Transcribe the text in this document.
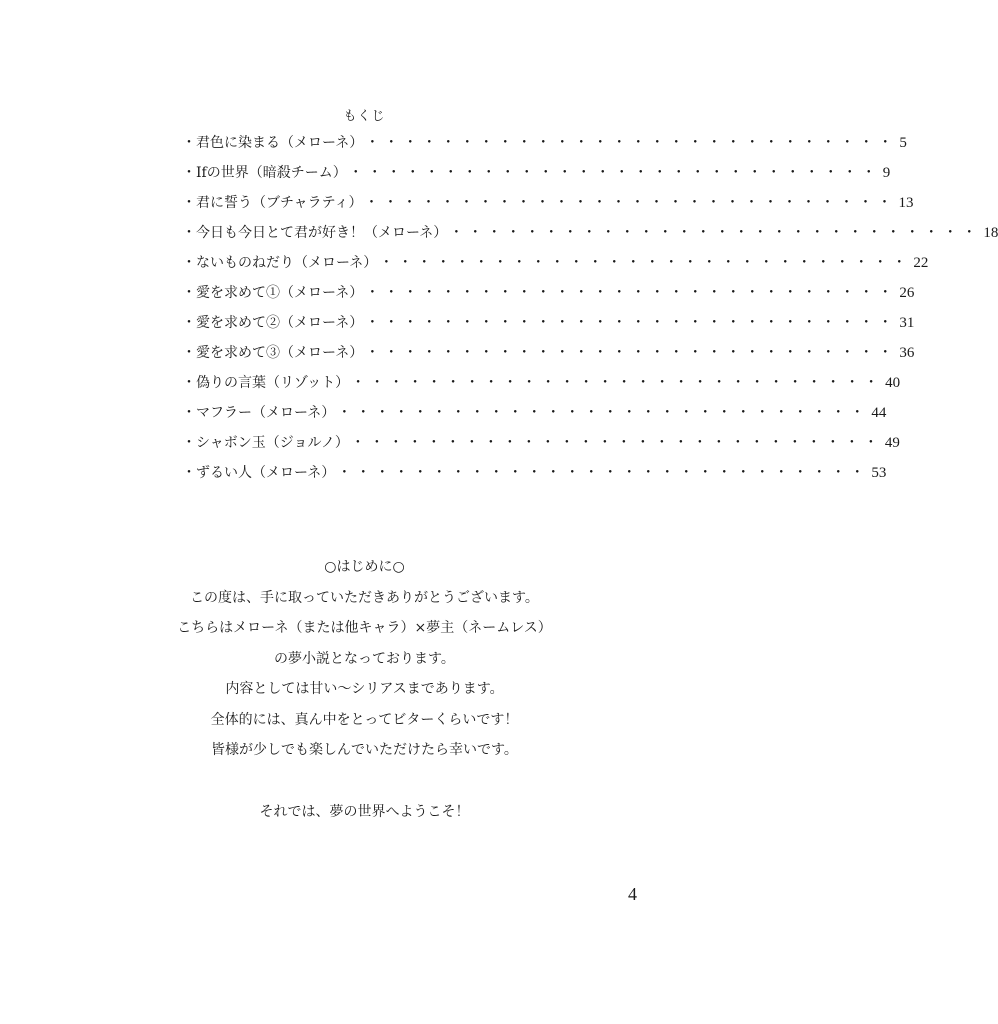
もくじ
・君色に染まる（メローネ） ・・・・・・・・・・・・・・・・・・・・・・・・・・・・ 5
・Ifの世界（暗殺チーム） ・・・・・・・・・・・・・・・・・・・・・・・・・・・・ 9
・君に誓う（ブチャラティ） ・・・・・・・・・・・・・・・・・・・・・・・・・・・・ 13
・今日も今日とて君が好き！（メローネ） ・・・・・・・・・・・・・・・・・・・・・・・・・・・・ 18
・ないものねだり（メローネ） ・・・・・・・・・・・・・・・・・・・・・・・・・・・・ 22
・愛を求めて①（メローネ） ・・・・・・・・・・・・・・・・・・・・・・・・・・・・ 26
・愛を求めて②（メローネ） ・・・・・・・・・・・・・・・・・・・・・・・・・・・・ 31
・愛を求めて③（メローネ） ・・・・・・・・・・・・・・・・・・・・・・・・・・・・ 36
・偽りの言葉（リゾット） ・・・・・・・・・・・・・・・・・・・・・・・・・・・・ 40
・マフラー（メローネ） ・・・・・・・・・・・・・・・・・・・・・・・・・・・・ 44
・シャボン玉（ジョルノ） ・・・・・・・・・・・・・・・・・・・・・・・・・・・・ 49
・ずるい人（メローネ） ・・・・・・・・・・・・・・・・・・・・・・・・・・・・ 53
○はじめに○
この度は、手に取っていただきありがとうございます。
こちらはメローネ（または他キャラ）×夢主（ネームレス）
の夢小説となっております。
内容としては甘い〜シリアスまであります。
全体的には、真ん中をとってビターくらいです！
皆様が少しでも楽しんでいただけたら幸いです。
それでは、夢の世界へようこそ！
4
